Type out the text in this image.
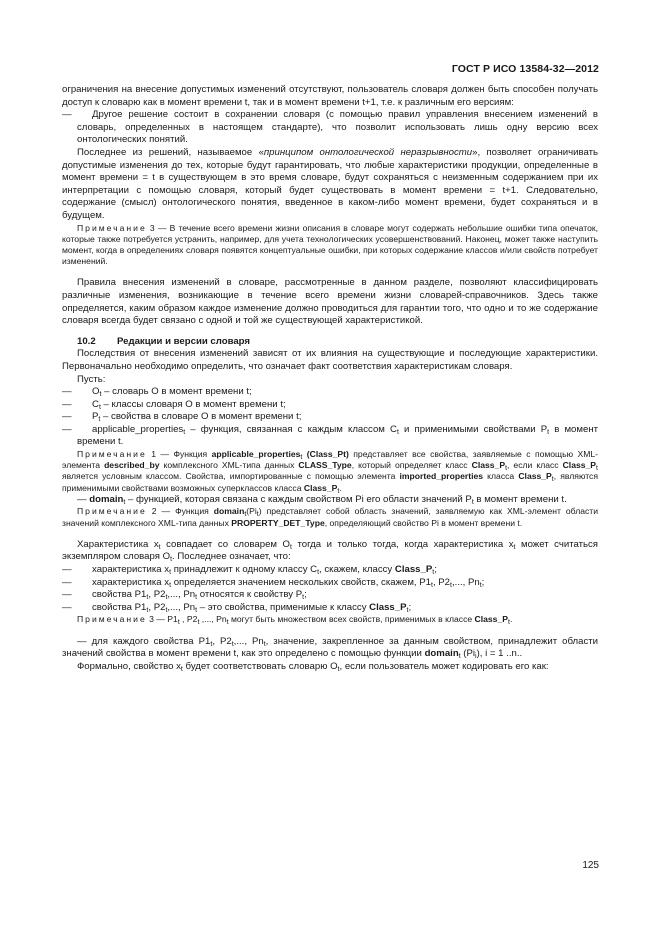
ГОСТ Р ИСО 13584-32—2012

ограничения на внесение допустимых изменений отсутствуют, пользователь словаря должен быть способен получать доступ к словарю как в момент времени t, так и в момент времени t+1, т.е. к различным его версиям:

— Другое решение состоит в сохранении словаря (с помощью правил управления внесением изменений в словарь, определенных в настоящем стандарте), что позволит использовать лишь одну версию всех онтологических понятий.

Последнее из решений, называемое «принципом онтологической неразрывности», позволяет ограничивать допустимые изменения до тех, которые будут гарантировать, что любые характеристики продукции, определенные в момент времени = t в существующем в это время словаре, будут сохраняться с неизменным содержанием при их интерпретации с помощью словаря, который будет существовать в момент времени = t+1. Следовательно, содержание (смысл) онтологического понятия, введенное в каком-либо момент времени, будет сохраняться и в будущем.

Примечание 3 — В течение всего времени жизни описания в словаре могут содержать небольшие ошибки типа опечаток, которые также потребуется устранить, например, для учета технологических усовершенствований. Наконец, может также наступить момент, когда в определениях словаря появятся концептуальные ошибки, при которых содержание классов и/или свойств потребует изменений.

Правила внесения изменений в словаре, рассмотренные в данном разделе, позволяют классифицировать различные изменения, возникающие в течение всего времени жизни словарей-справочников. Здесь также определяется, каким образом каждое изменение должно проводиться для гарантии того, что одно и то же содержание словаря всегда будет связано с одной и той же существующей характеристикой.

10.2 Редакции и версии словаря

Последствия от внесения изменений зависят от их влияния на существующие и последующие характеристики. Первоначально необходимо определить, что означает факт соответствия характеристикам словаря.

Пусть:

— $O_t$ – словарь O в момент времени t;

— $C_t$ – классы словаря O в момент времени t;

— $P_t$ – свойства в словаре O в момент времени t;

— applicable_properties$_t$ – функция, связанная с каждым классом $C_t$ и применимыми свойствами $P_t$ в момент времени t.

Примечание 1 — Функция applicable_properties$_t$ (Class_Pt) представляет все свойства, заявляемые с помощью XML-элемента described_by комплексного XML-типа данных CLASS_Type, который определяет класс $Class\_P_t$, если класс $Class\_P_t$ является условным классом. Свойства, импортированные с помощью элемента imported_properties класса $Class\_P_t$, являются применимыми свойствами возможных суперклассов класса $Class\_P_t$.

— domain$_t$ – функцией, которая связана с каждым свойством Pi его области значений $P_t$ в момент времени t.

Примечание 2 — Функция $domain_t(Pi_t)$ представляет собой область значений, заявляемую как XML-элемент области значений комплексного XML-типа данных PROPERTY_DET_Type, определяющий свойство Pi в момент времени t.

Характеристика $x_t$ совпадает со словарем $O_t$ тогда и только тогда, когда характеристика $x_t$ может считаться экземпляром словаря $O_t$. Последнее означает, что:

— характеристика $x_t$ принадлежит к одному классу $C_t$, скажем, классу $Class\_P_t$;

— характеристика $x_t$ определяется значением нескольких свойств, скажем, $P1_t$, $P2_t$,..., $Pn_t$;

— свойства $P1_t$, $P2_t$,..., $Pn_t$ относятся к свойству $P_t$;

— свойства $P1_t$, $P2_t$,..., $Pn_t$ – это свойства, применимые к классу $Class\_P_t$;

Примечание 3 — $P1_t$ , $P2_t$ ,..., $Pn_t$ могут быть множеством всех свойств, применимых в классе $Class\_P_t$.

— для каждого свойства $P1_t$, $P2_t$,..., $Pn_t$, значение, закрепленное за данным свойством, принадлежит области значений свойства в момент времени t, как это определено с помощью функции domain$_t$ $(Pi_i)$, i = 1 ..n..

Формально, свойство $x_t$ будет соответствовать словарю $O_t$, если пользователь может кодировать его как:

125
